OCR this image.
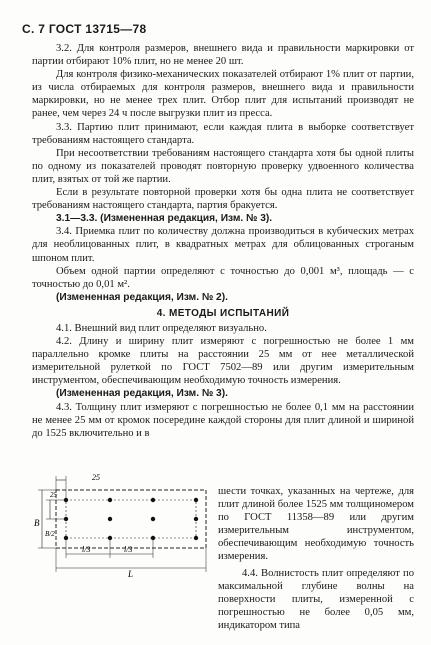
С. 7 ГОСТ 13715—78

3.2. Для контроля размеров, внешнего вида и правильности маркировки от партии отбирают 10% плит, но не менее 20 шт.

Для контроля физико-механических показателей отбирают 1% плит от партии, из числа отбираемых для контроля размеров, внешнего вида и правильности маркировки, но не менее трех плит. Отбор плит для испытаний производят не ранее, чем через 24 ч после выгрузки плит из пресса.

3.3. Партию плит принимают, если каждая плита в выборке соответствует требованиям настоящего стандарта.

При несоответствии требованиям настоящего стандарта хотя бы одной плиты по одному из показателей проводят повторную проверку удвоенного количества плит, взятых от той же партии.

Если в результате повторной проверки хотя бы одна плита не соответствует требованиям настоящего стандарта, партия бракуется.

3.1—3.3. (Измененная редакция, Изм. № 3).

3.4. Приемка плит по количеству должна производиться в кубических метрах для необлицованных плит, в квадратных метрах для облицованных строганым шпоном плит.

Объем одной партии определяют с точностью до 0,001 м³, площадь — с точностью до 0,01 м².

(Измененная редакция, Изм. № 2).

4. МЕТОДЫ ИСПЫТАНИЙ

4.1. Внешний вид плит определяют визуально.

4.2. Длину и ширину плит измеряют с погрешностью не более 1 мм параллельно кромке плиты на расстоянии 25 мм от нее металлической измерительной рулеткой по ГОСТ 7502—89 или другим измерительным инструментом, обеспечивающим необходимую точность измерения.

(Измененная редакция, Изм. № 3).

4.3. Толщину плит измеряют с погрешностью не более 0,1 мм на расстоянии не менее 25 мм от кромок посередине каждой стороны для плит длиной и шириной до 1525 включительно и в

25
25
B
B/2
l/3	l/3
L

шести точках, указанных на чертеже, для плит длиной более 1525 мм толщиномером по ГОСТ 11358—89 или другим измерительным инструментом, обеспечивающим необходимую точность измерения.

4.4. Волнистость плит определяют по максимальной глубине волны на поверхности плиты, измеренной с погрешностью не более 0,05 мм, индикатором типа
